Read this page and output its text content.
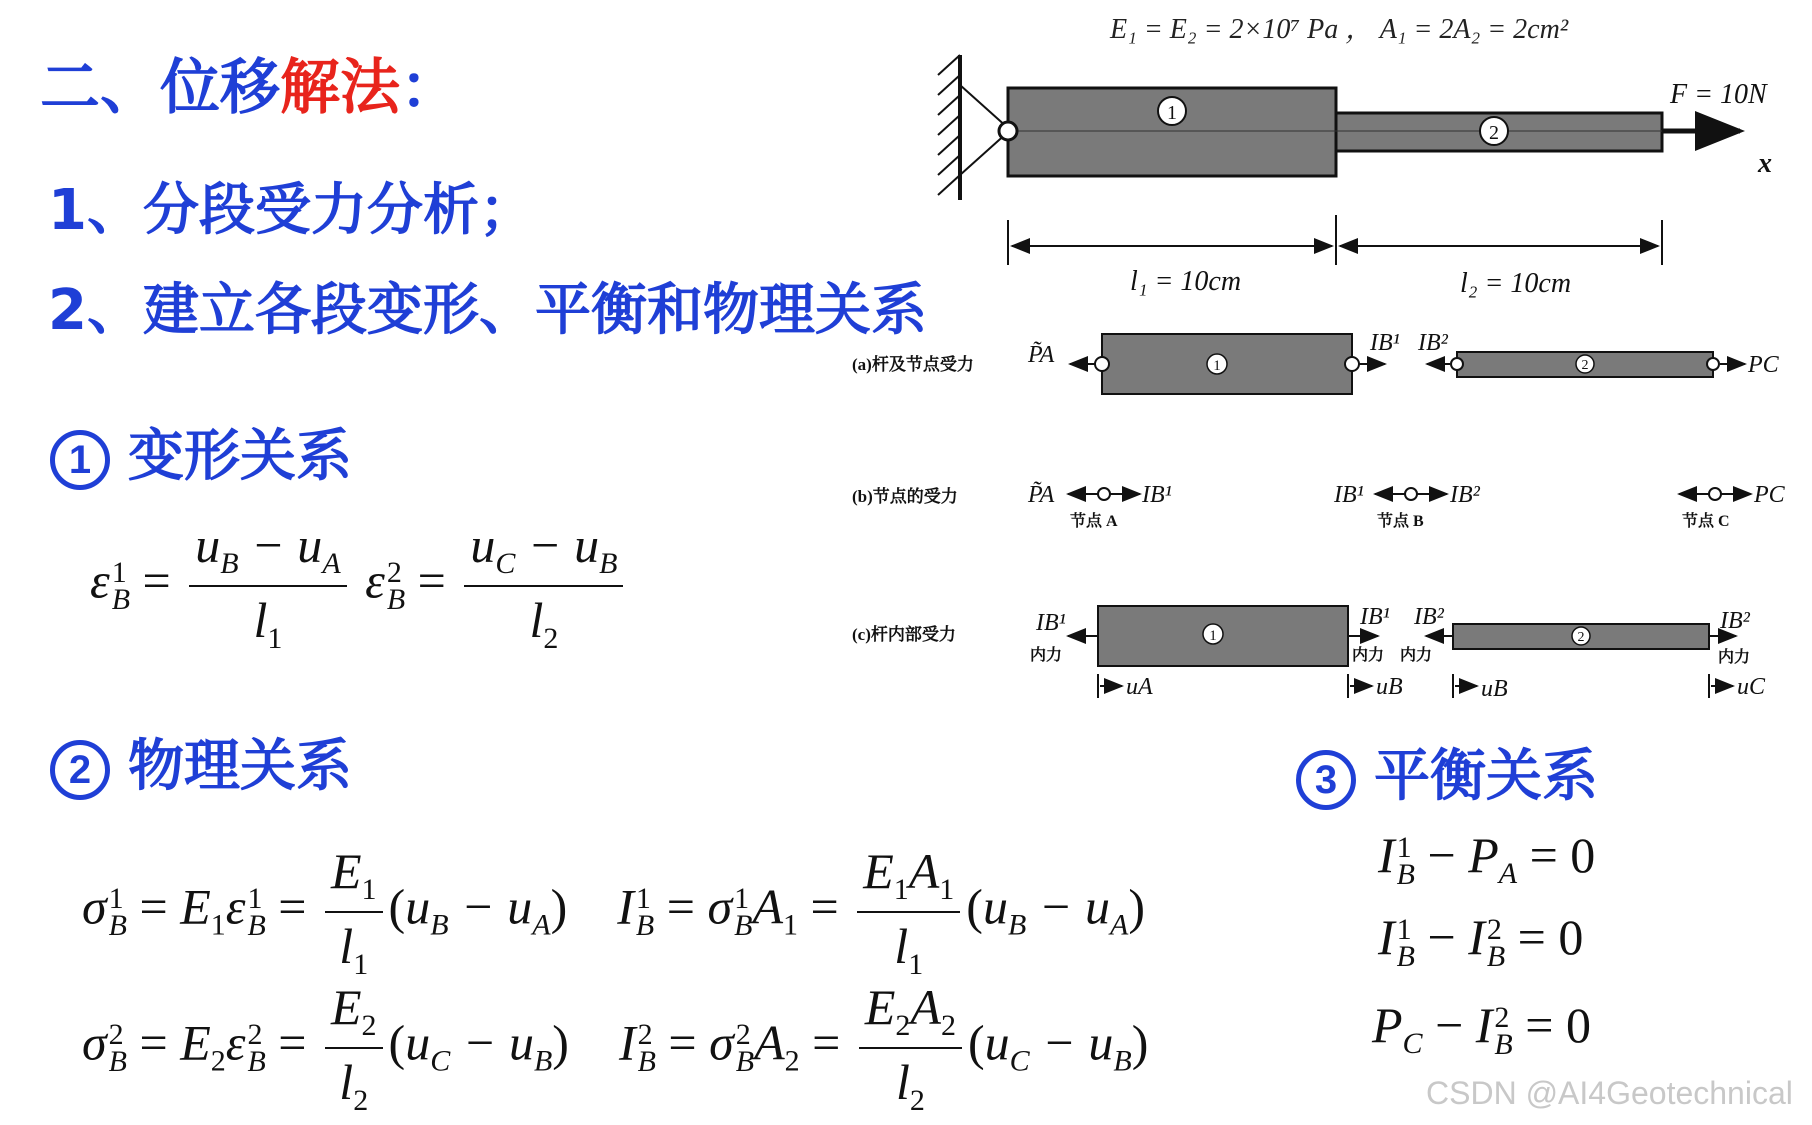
二、位移解法：
1、分段受力分析；
2、建立各段变形、平衡和物理关系
1 变形关系
2 物理关系	3 平衡关系
ε 1
$B = \frac{u_B - u_A}{l_1}$ ε 2
$B = \frac{u_C - u_B}{l_2}$
σ 1
$B = E_1\varepsilon$ 1
$B = \frac{E_1}{l_1} (u_B - u_A)$    I 1
B = σ 1
B $A_1 = \frac{E_1A_1}{l_1} (u_B - u_A)$
σ 2
$B = E_2\varepsilon$ 2
$B = \frac{E_2}{l_2} (u_C - u_B)$    I 2
B = σ 2
B $A_2 = \frac{E_2A_2}{l_2} (u_C - u_B)$
I 1
$B - P_A = 0$
I 1
B − I 2
B = 0
$P_C - I$ 2
B = 0
E₁ = E₂ = 2×10⁷ Pa ， A₁ = 2A₂ = 2cm²
1
2
F = 10N
x
l₁ = 10cm	l₂ = 10cm
(a)杆及节点受力	1	2
P̃A	IB¹ IB²
PC
(b)节点的受力	P̃A	IB¹	IB¹	IB²	PC
节点 A	节点 B	节点 C
(c)杆内部受力	1	2
IB¹	IB¹ IB²	IB²
内力	内力 内力	内力
uA	uB	uB	uC
CSDN @AI4Geotechnical
